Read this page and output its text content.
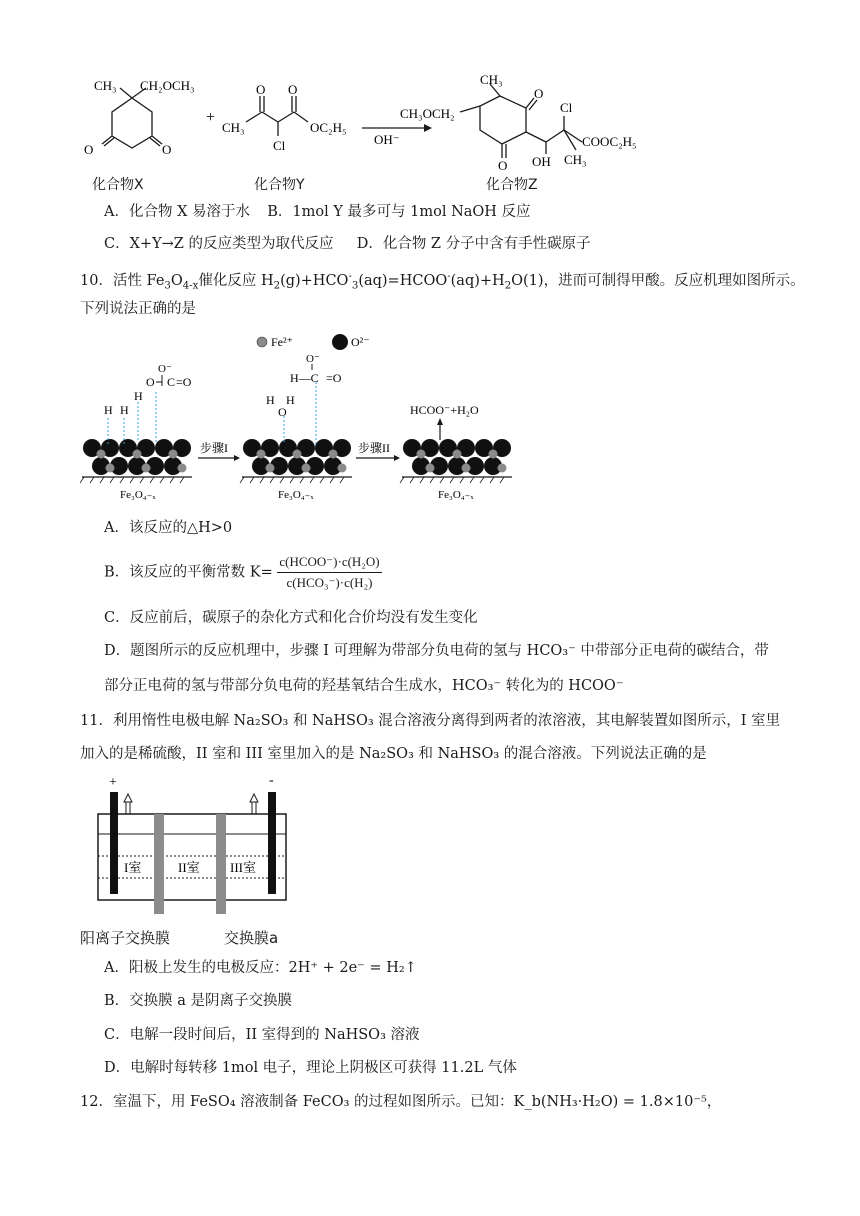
CH₃ CH₂OCH₃
O	O
+
O O
CH₃	OC₂H₅
Cl	OH⁻
CH₃
CH₃OCH₂
O
O
Cl
COOC₂H₅
OH CH₃
化合物X	化合物Y	化合物Z
A．化合物 X 易溶于水 B．1mol Y 最多可与 1mol NaOH 反应
C．X+Y→Z 的反应类型为取代反应 D．化合物 Z 分子中含有手性碳原子
10．活性 $Fe_3O_{4-x}$催化反应 $H_2(g)+HCO^-_3(aq)=HCOO^-(aq)+H_2O(1)$，进而可制得甲酸。反应机理如图所示。
下列说法正确的是
Fe²⁺	O²⁻
H H
H
O
O⁻
C =O
Fe₃O₄₋ₓ
步骤I
H H
O
O⁻
H—C =O
Fe₃O₄₋ₓ
步骤II
HCOO⁻+H₂O
Fe₃O₄₋ₓ
A．该反应的△H>0
B．该反应的平衡常数 $K= \frac{\text{c(HCOO⁻)·c(H₂O)}}{\text{c(HCO₃⁻)·c(H₂)}}$
C．反应前后，碳原子的杂化方式和化合价均没有发生变化
D．题图所示的反应机理中，步骤 I 可理解为带部分负电荷的氢与 HCO₃⁻ 中带部分正电荷的碳结合，带
部分正电荷的氢与带部分负电荷的羟基氧结合生成水，HCO₃⁻ 转化为的 HCOO⁻
11．利用惰性电极电解 Na₂SO₃ 和 NaHSO₃ 混合溶液分离得到两者的浓溶液，其电解装置如图所示，I 室里
加入的是稀硫酸，II 室和 III 室里加入的是 Na₂SO₃ 和 NaHSO₃ 的混合溶液。下列说法正确的是
+	-
I室	II室 III室
阳离子交换膜	交换膜a
A．阳极上发生的电极反应：2H⁺ + 2e⁻ = H₂↑
B．交换膜 a 是阴离子交换膜
C．电解一段时间后，II 室得到的 NaHSO₃ 溶液
D．电解时每转移 1mol 电子，理论上阴极区可获得 11.2L 气体
12．室温下，用 FeSO₄ 溶液制备 FeCO₃ 的过程如图所示。已知：K_b(NH₃·H₂O) = 1.8×10⁻⁵，
